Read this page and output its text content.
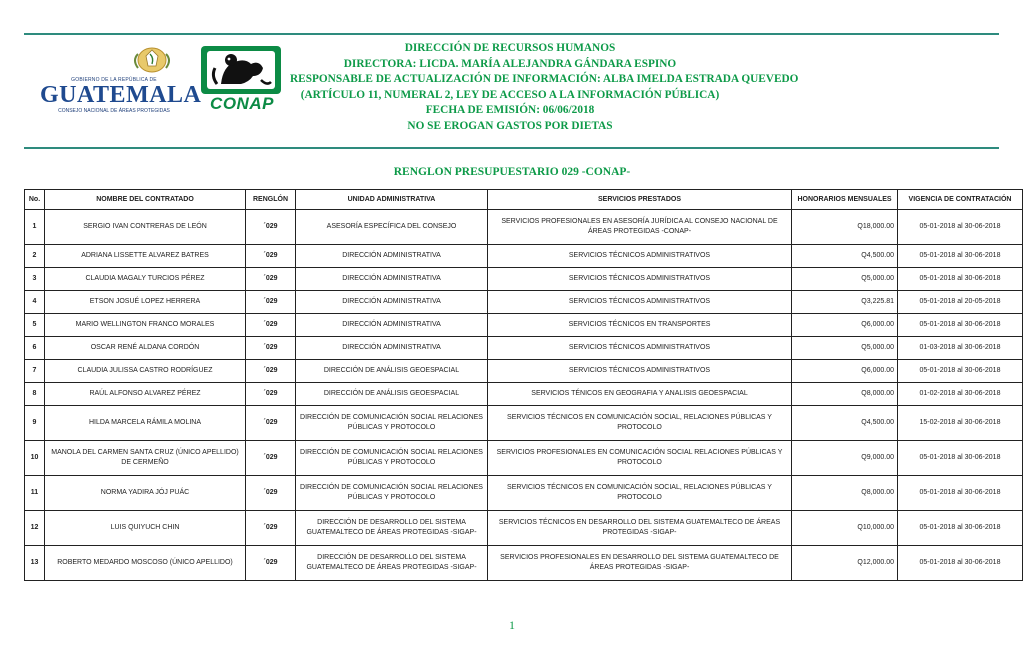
GOBIERNO DE LA REPÚBLICA DE
GUATEMALA
CONSEJO NACIONAL DE ÁREAS PROTEGIDAS	CONAP
DIRECCIÓN DE RECURSOS HUMANOS
DIRECTORA: LICDA. MARÍA ALEJANDRA GÁNDARA ESPINO
RESPONSABLE DE ACTUALIZACIÓN DE INFORMACIÓN: ALBA IMELDA ESTRADA QUEVEDO
(ARTÍCULO 11, NUMERAL 2, LEY DE ACCESO A LA INFORMACIÓN PÚBLICA)
FECHA DE EMISIÓN: 06/06/2018
NO SE EROGAN GASTOS POR DIETAS
RENGLON PRESUPUESTARIO 029 -CONAP-
No.	NOMBRE DEL CONTRATADO	RENGLÓN	UNIDAD ADMINISTRATIVA	SERVICIOS PRESTADOS	HONORARIOS MENSUALES	VIGENCIA DE CONTRATACIÓN
1	SERGIO IVAN CONTRERAS DE LEÓN	´029	ASESORÍA ESPECÍFICA DEL CONSEJO	SERVICIOS PROFESIONALES EN ASESORÍA JURÍDICA AL CONSEJO NACIONAL DE ÁREAS PROTEGIDAS -CONAP-	Q18,000.00	05-01-2018 al 30-06-2018
2	ADRIANA LISSETTE ALVAREZ BATRES	´029	DIRECCIÓN ADMINISTRATIVA	SERVICIOS TÉCNICOS ADMINISTRATIVOS	Q4,500.00	05-01-2018 al 30-06-2018
3	CLAUDIA MAGALY TURCIOS PÉREZ	´029	DIRECCIÓN ADMINISTRATIVA	SERVICIOS TÉCNICOS ADMINISTRATIVOS	Q5,000.00	05-01-2018 al 30-06-2018
4	ETSON JOSUÉ LOPEZ HERRERA	´029	DIRECCIÓN ADMINISTRATIVA	SERVICIOS TÉCNICOS ADMINISTRATIVOS	Q3,225.81	05-01-2018 al 20-05-2018
5	MARIO WELLINGTON FRANCO MORALES	´029	DIRECCIÓN ADMINISTRATIVA	SERVICIOS TÉCNICOS EN TRANSPORTES	Q6,000.00	05-01-2018 al 30-06-2018
6	OSCAR RENÉ ALDANA CORDÓN	´029	DIRECCIÓN ADMINISTRATIVA	SERVICIOS TÉCNICOS ADMINISTRATIVOS	Q5,000.00	01-03-2018 al 30-06-2018
7	CLAUDIA JULISSA CASTRO RODRÍGUEZ	´029	DIRECCIÓN DE ANÁLISIS GEOESPACIAL	SERVICIOS TÉCNICOS ADMINISTRATIVOS	Q6,000.00	05-01-2018 al 30-06-2018
8	RAÚL ALFONSO ALVAREZ PÉREZ	´029	DIRECCIÓN DE ANÁLISIS GEOESPACIAL	SERVICIOS TÉNICOS EN GEOGRAFIA Y ANALISIS GEOESPACIAL	Q8,000.00	01-02-2018 al 30-06-2018
9	HILDA MARCELA RÁMILA MOLINA	´029	DIRECCIÓN DE COMUNICACIÓN SOCIAL RELACIONES PÚBLICAS Y PROTOCOLO	SERVICIOS TÉCNICOS EN COMUNICACIÓN SOCIAL, RELACIONES PÚBLICAS Y PROTOCOLO	Q4,500.00	15-02-2018 al 30-06-2018
10	MANOLA DEL CARMEN SANTA CRUZ (ÚNICO APELLIDO) DE CERMEÑO	´029	DIRECCIÓN DE COMUNICACIÓN SOCIAL RELACIONES PÚBLICAS Y PROTOCOLO	SERVICIOS PROFESIONALES EN COMUNICACIÓN SOCIAL RELACIONES PÚBLICAS Y PROTOCOLO	Q9,000.00	05-01-2018 al 30-06-2018
11	NORMA YADIRA JÓJ PUÁC	´029	DIRECCIÓN DE COMUNICACIÓN SOCIAL RELACIONES PÚBLICAS Y PROTOCOLO	SERVICIOS TÉCNICOS EN COMUNICACIÓN SOCIAL, RELACIONES PÚBLICAS Y PROTOCOLO	Q8,000.00	05-01-2018 al 30-06-2018
12	LUIS QUIYUCH CHIN	´029	DIRECCIÓN DE DESARROLLO DEL SISTEMA GUATEMALTECO DE ÁREAS PROTEGIDAS -SIGAP-	SERVICIOS TÉCNICOS EN DESARROLLO DEL SISTEMA GUATEMALTECO DE ÁREAS PROTEGIDAS -SIGAP-	Q10,000.00	05-01-2018 al 30-06-2018
13	ROBERTO MEDARDO MOSCOSO (ÚNICO APELLIDO)	´029	DIRECCIÓN DE DESARROLLO DEL SISTEMA GUATEMALTECO DE ÁREAS PROTEGIDAS -SIGAP-	SERVICIOS PROFESIONALES EN DESARROLLO DEL SISTEMA GUATEMALTECO DE ÁREAS PROTEGIDAS -SIGAP-	Q12,000.00	05-01-2018 al 30-06-2018
1
